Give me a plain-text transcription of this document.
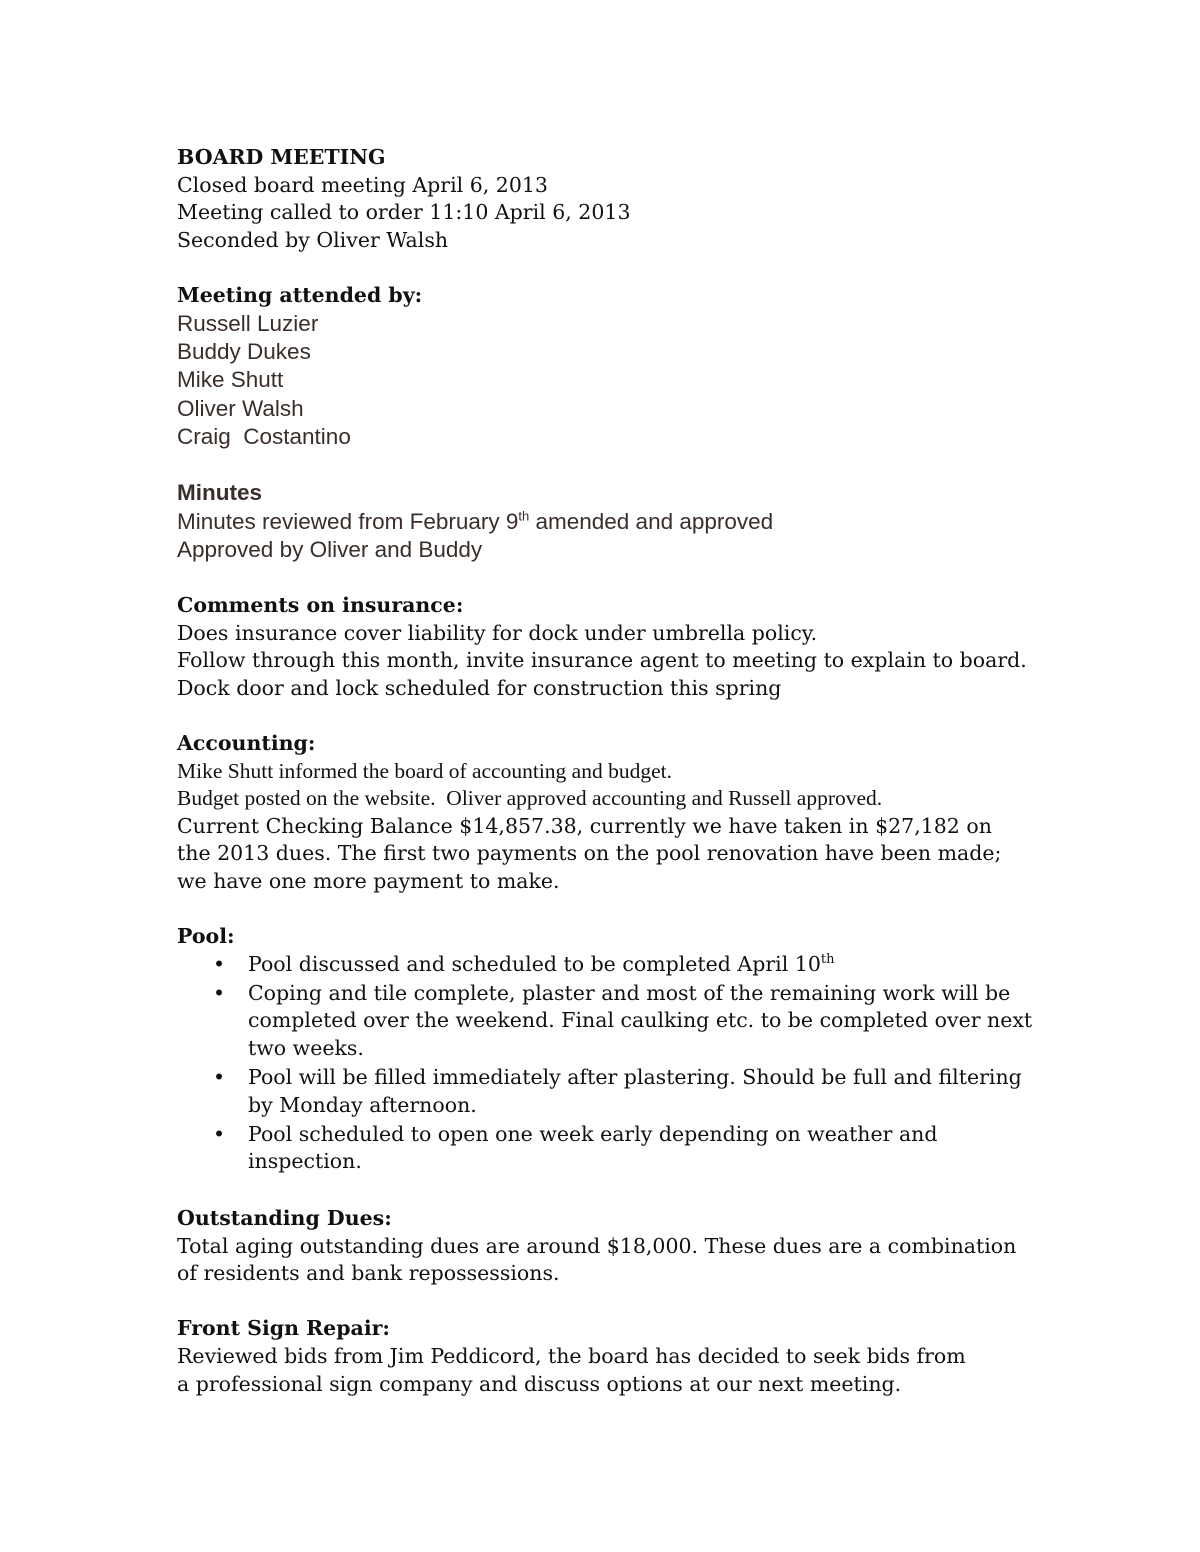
BOARD MEETING
Closed board meeting April 6, 2013
Meeting called to order 11:10 April 6, 2013
Seconded by Oliver Walsh
Meeting attended by:
Russell Luzier
Buddy Dukes
Mike Shutt
Oliver Walsh
Craig  Costantino
Minutes
Minutes reviewed from February 9th amended and approved
Approved by Oliver and Buddy
Comments on insurance:
Does insurance cover liability for dock under umbrella policy.
Follow through this month, invite insurance agent to meeting to explain to board.
Dock door and lock scheduled for construction this spring
Accounting:
Mike Shutt informed the board of accounting and budget.
Budget posted on the website.  Oliver approved accounting and Russell approved.
Current Checking Balance $14,857.38, currently we have taken in $27,182 on the 2013 dues. The first two payments on the pool renovation have been made; we have one more payment to make.
Pool:
• Pool discussed and scheduled to be completed April 10th
• Coping and tile complete, plaster and most of the remaining work will be completed over the weekend. Final caulking etc. to be completed over next two weeks.
• Pool will be filled immediately after plastering. Should be full and filtering by Monday afternoon.
• Pool scheduled to open one week early depending on weather and inspection.
Outstanding Dues:
Total aging outstanding dues are around $18,000. These dues are a combination of residents and bank repossessions.
Front Sign Repair:
Reviewed bids from Jim Peddicord, the board has decided to seek bids from a professional sign company and discuss options at our next meeting.
